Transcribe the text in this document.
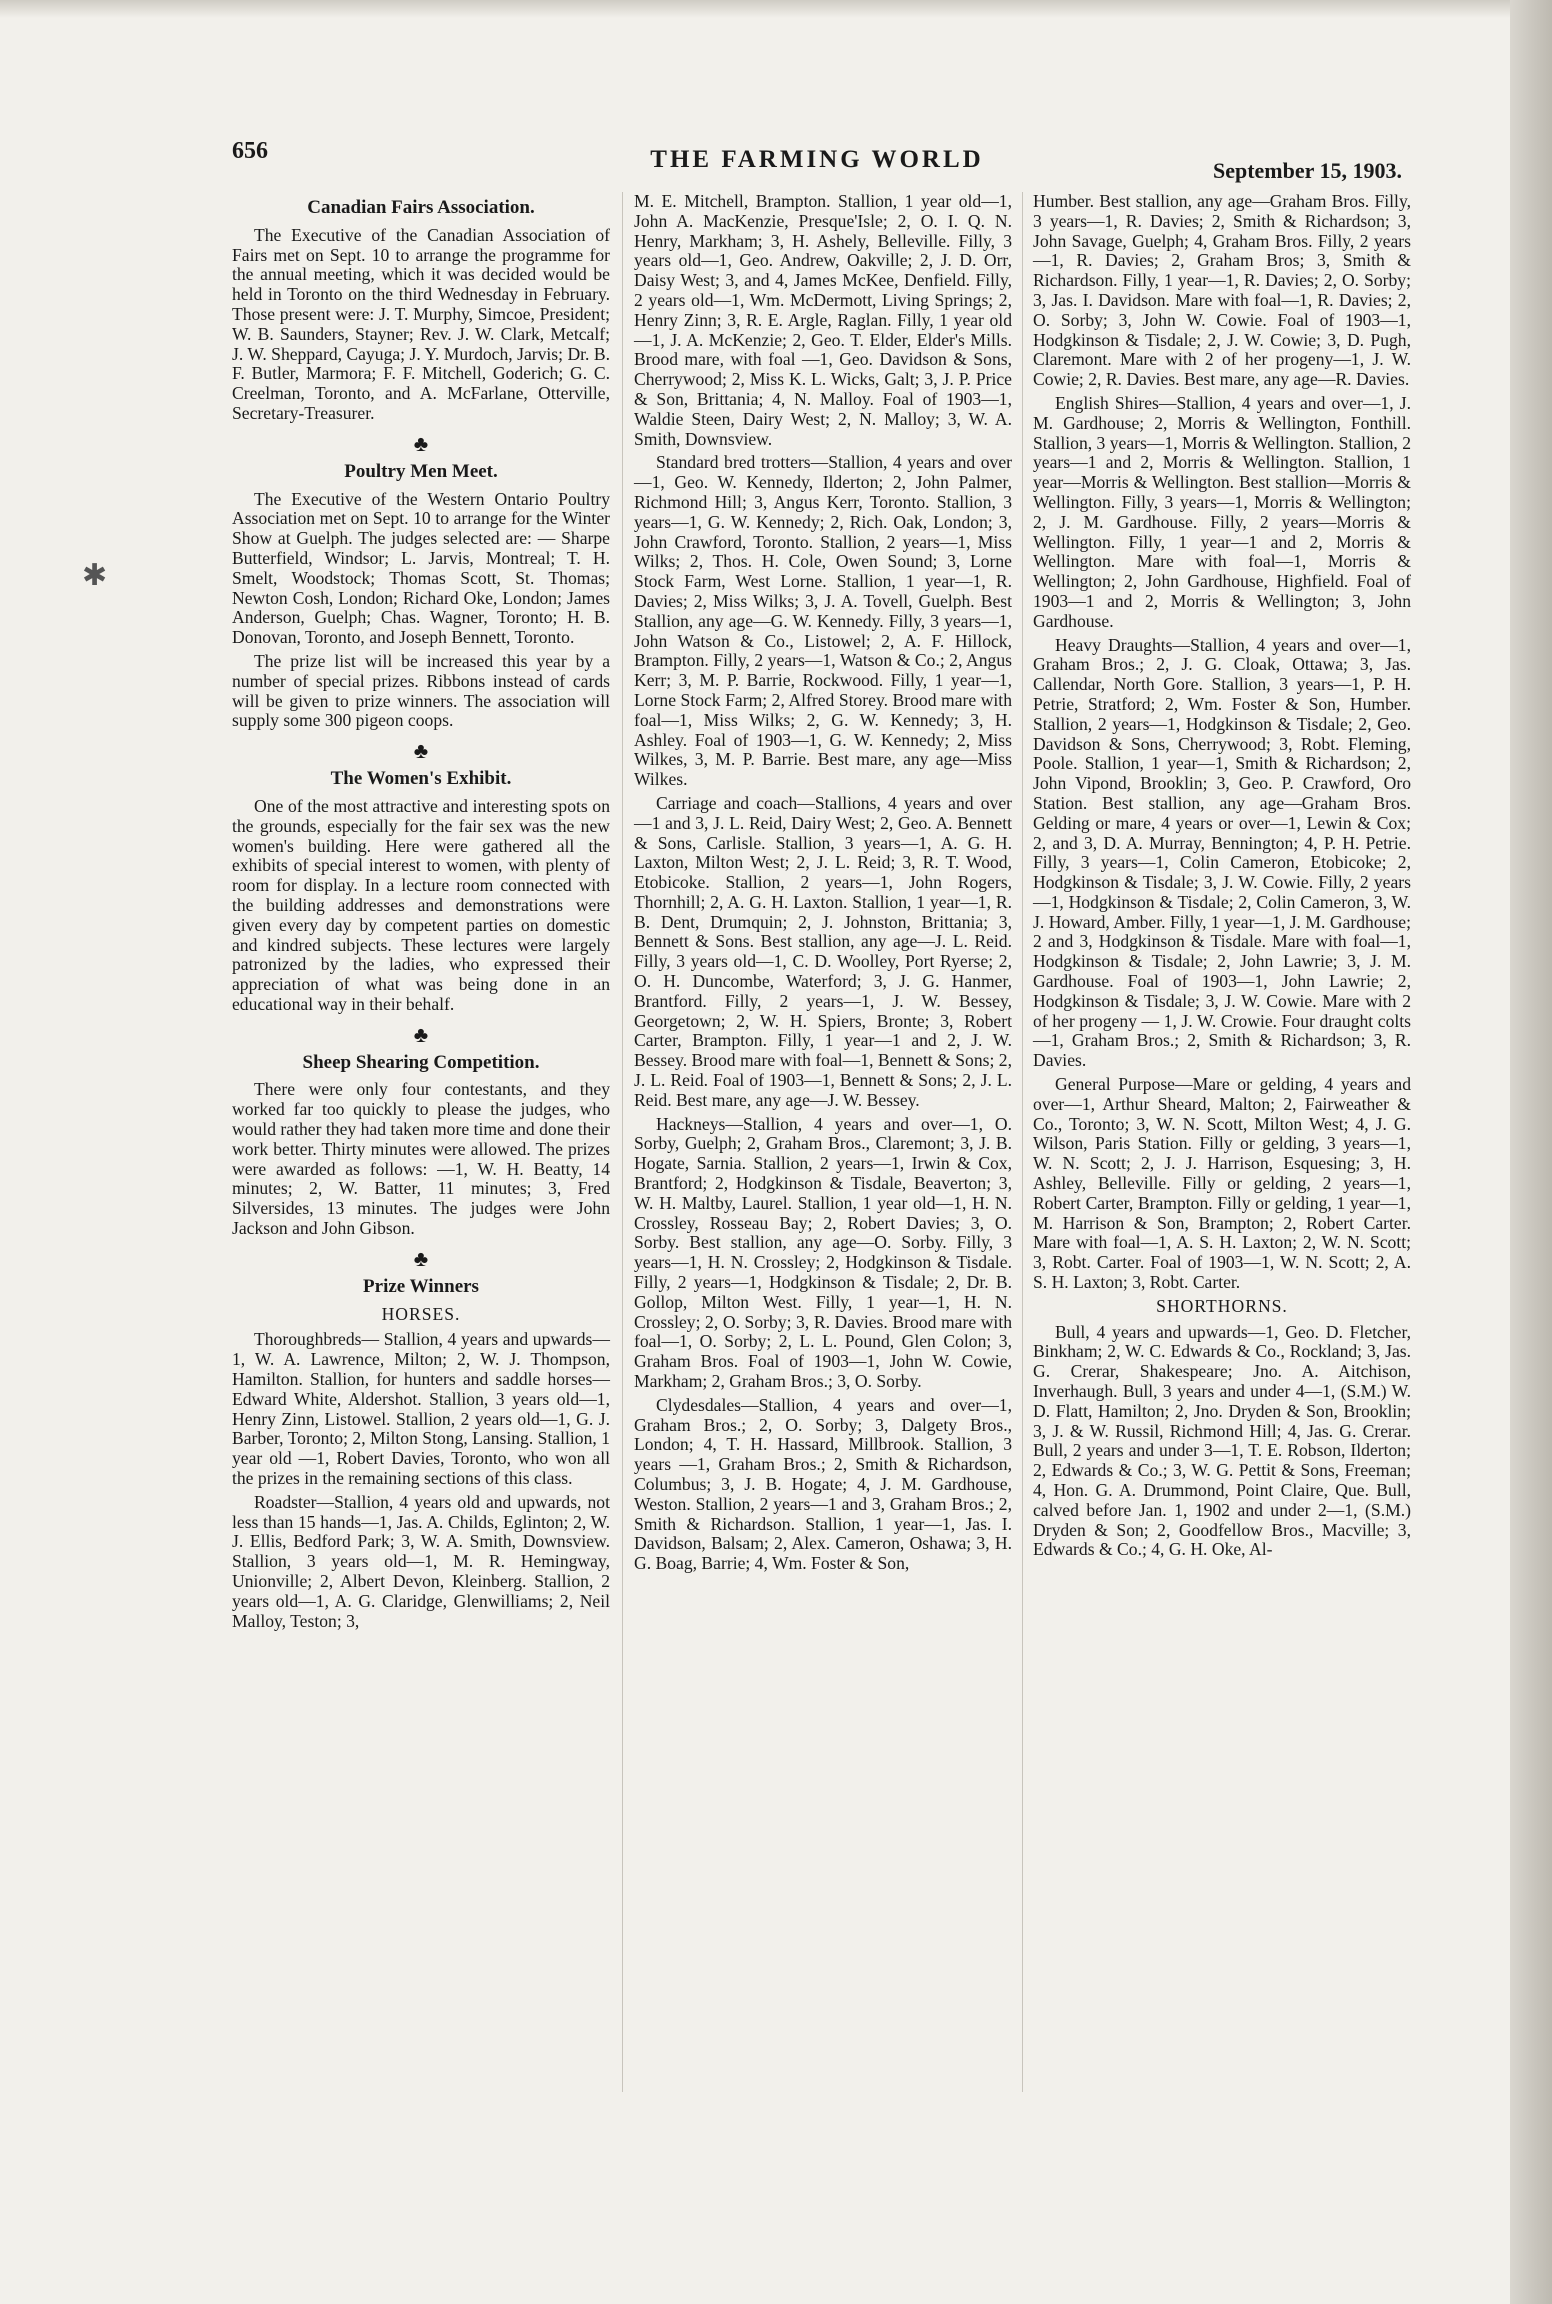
✱
656	THE FARMING WORLD	September 15, 1903.
Canadian Fairs Association.

The Executive of the Canadian Association of Fairs met on Sept. 10 to arrange the programme for the annual meeting, which it was decided would be held in Toronto on the third Wednesday in February. Those present were: J. T. Murphy, Simcoe, President; W. B. Saunders, Stayner; Rev. J. W. Clark, Metcalf; J. W. Sheppard, Cayuga; J. Y. Murdoch, Jarvis; Dr. B. F. Butler, Marmora; F. F. Mitchell, Goderich; G. C. Creelman, Toronto, and A. McFarlane, Otterville, Secretary-Treasurer.

♣
Poultry Men Meet.

The Executive of the Western Ontario Poultry Association met on Sept. 10 to arrange for the Winter Show at Guelph. The judges selected are: — Sharpe Butterfield, Windsor; L. Jarvis, Montreal; T. H. Smelt, Woodstock; Thomas Scott, St. Thomas; Newton Cosh, London; Richard Oke, London; James Anderson, Guelph; Chas. Wagner, Toronto; H. B. Donovan, Toronto, and Joseph Bennett, Toronto.

The prize list will be increased this year by a number of special prizes. Ribbons instead of cards will be given to prize winners. The association will supply some 300 pigeon coops.

♣
The Women's Exhibit.

One of the most attractive and interesting spots on the grounds, especially for the fair sex was the new women's building. Here were gathered all the exhibits of special interest to women, with plenty of room for display. In a lecture room connected with the building addresses and demonstrations were given every day by competent parties on domestic and kindred subjects. These lectures were largely patronized by the ladies, who expressed their appreciation of what was being done in an educational way in their behalf.

♣
Sheep Shearing Competition.

There were only four contestants, and they worked far too quickly to please the judges, who would rather they had taken more time and done their work better. Thirty minutes were allowed. The prizes were awarded as follows: —1, W. H. Beatty, 14 minutes; 2, W. Batter, 11 minutes; 3, Fred Silversides, 13 minutes. The judges were John Jackson and John Gibson.

♣
Prize Winners
HORSES.

Thoroughbreds— Stallion, 4 years and upwards—1, W. A. Lawrence, Milton; 2, W. J. Thompson, Hamilton. Stallion, for hunters and saddle horses—Edward White, Aldershot. Stallion, 3 years old—1, Henry Zinn, Listowel. Stallion, 2 years old—1, G. J. Barber, Toronto; 2, Milton Stong, Lansing. Stallion, 1 year old —1, Robert Davies, Toronto, who won all the prizes in the remaining sections of this class.

Roadster—Stallion, 4 years old and upwards, not less than 15 hands—1, Jas. A. Childs, Eglinton; 2, W. J. Ellis, Bedford Park; 3, W. A. Smith, Downsview. Stallion, 3 years old—1, M. R. Hemingway, Unionville; 2, Albert Devon, Kleinberg. Stallion, 2 years old—1, A. G. Claridge, Glenwilliams; 2, Neil Malloy, Teston; 3,

M. E. Mitchell, Brampton. Stallion, 1 year old—1, John A. MacKenzie, Presque'Isle; 2, O. I. Q. N. Henry, Markham; 3, H. Ashely, Belleville. Filly, 3 years old—1, Geo. Andrew, Oakville; 2, J. D. Orr, Daisy West; 3, and 4, James McKee, Denfield. Filly, 2 years old—1, Wm. McDermott, Living Springs; 2, Henry Zinn; 3, R. E. Argle, Raglan. Filly, 1 year old—1, J. A. McKenzie; 2, Geo. T. Elder, Elder's Mills. Brood mare, with foal —1, Geo. Davidson & Sons, Cherrywood; 2, Miss K. L. Wicks, Galt; 3, J. P. Price & Son, Brittania; 4, N. Malloy. Foal of 1903—1, Waldie Steen, Dairy West; 2, N. Malloy; 3, W. A. Smith, Downsview.

Standard bred trotters—Stallion, 4 years and over—1, Geo. W. Kennedy, Ilderton; 2, John Palmer, Richmond Hill; 3, Angus Kerr, Toronto. Stallion, 3 years—1, G. W. Kennedy; 2, Rich. Oak, London; 3, John Crawford, Toronto. Stallion, 2 years—1, Miss Wilks; 2, Thos. H. Cole, Owen Sound; 3, Lorne Stock Farm, West Lorne. Stallion, 1 year—1, R. Davies; 2, Miss Wilks; 3, J. A. Tovell, Guelph. Best Stallion, any age—G. W. Kennedy. Filly, 3 years—1, John Watson & Co., Listowel; 2, A. F. Hillock, Brampton. Filly, 2 years—1, Watson & Co.; 2, Angus Kerr; 3, M. P. Barrie, Rockwood. Filly, 1 year—1, Lorne Stock Farm; 2, Alfred Storey. Brood mare with foal—1, Miss Wilks; 2, G. W. Kennedy; 3, H. Ashley. Foal of 1903—1, G. W. Kennedy; 2, Miss Wilkes, 3, M. P. Barrie. Best mare, any age—Miss Wilkes.

Carriage and coach—Stallions, 4 years and over—1 and 3, J. L. Reid, Dairy West; 2, Geo. A. Bennett & Sons, Carlisle. Stallion, 3 years—1, A. G. H. Laxton, Milton West; 2, J. L. Reid; 3, R. T. Wood, Etobicoke. Stallion, 2 years—1, John Rogers, Thornhill; 2, A. G. H. Laxton. Stallion, 1 year—1, R. B. Dent, Drumquin; 2, J. Johnston, Brittania; 3, Bennett & Sons. Best stallion, any age—J. L. Reid. Filly, 3 years old—1, C. D. Woolley, Port Ryerse; 2, O. H. Duncombe, Waterford; 3, J. G. Hanmer, Brantford. Filly, 2 years—1, J. W. Bessey, Georgetown; 2, W. H. Spiers, Bronte; 3, Robert Carter, Brampton. Filly, 1 year—1 and 2, J. W. Bessey. Brood mare with foal—1, Bennett & Sons; 2, J. L. Reid. Foal of 1903—1, Bennett & Sons; 2, J. L. Reid. Best mare, any age—J. W. Bessey.

Hackneys—Stallion, 4 years and over—1, O. Sorby, Guelph; 2, Graham Bros., Claremont; 3, J. B. Hogate, Sarnia. Stallion, 2 years—1, Irwin & Cox, Brantford; 2, Hodgkinson & Tisdale, Beaverton; 3, W. H. Maltby, Laurel. Stallion, 1 year old—1, H. N. Crossley, Rosseau Bay; 2, Robert Davies; 3, O. Sorby. Best stallion, any age—O. Sorby. Filly, 3 years—1, H. N. Crossley; 2, Hodgkinson & Tisdale. Filly, 2 years—1, Hodgkinson & Tisdale; 2, Dr. B. Gollop, Milton West. Filly, 1 year—1, H. N. Crossley; 2, O. Sorby; 3, R. Davies. Brood mare with foal—1, O. Sorby; 2, L. L. Pound, Glen Colon; 3, Graham Bros. Foal of 1903—1, John W. Cowie, Markham; 2, Graham Bros.; 3, O. Sorby.

Clydesdales—Stallion, 4 years and over—1, Graham Bros.; 2, O. Sorby; 3, Dalgety Bros., London; 4, T. H. Hassard, Millbrook. Stallion, 3 years —1, Graham Bros.; 2, Smith & Richardson, Columbus; 3, J. B. Hogate; 4, J. M. Gardhouse, Weston. Stallion, 2 years—1 and 3, Graham Bros.; 2, Smith & Richardson. Stallion, 1 year—1, Jas. I. Davidson, Balsam; 2, Alex. Cameron, Oshawa; 3, H. G. Boag, Barrie; 4, Wm. Foster & Son,

Humber. Best stallion, any age—Graham Bros. Filly, 3 years—1, R. Davies; 2, Smith & Richardson; 3, John Savage, Guelph; 4, Graham Bros. Filly, 2 years—1, R. Davies; 2, Graham Bros; 3, Smith & Richardson. Filly, 1 year—1, R. Davies; 2, O. Sorby; 3, Jas. I. Davidson. Mare with foal—1, R. Davies; 2, O. Sorby; 3, John W. Cowie. Foal of 1903—1, Hodgkinson & Tisdale; 2, J. W. Cowie; 3, D. Pugh, Claremont. Mare with 2 of her progeny—1, J. W. Cowie; 2, R. Davies. Best mare, any age—R. Davies.

English Shires—Stallion, 4 years and over—1, J. M. Gardhouse; 2, Morris & Wellington, Fonthill. Stallion, 3 years—1, Morris & Wellington. Stallion, 2 years—1 and 2, Morris & Wellington. Stallion, 1 year—Morris & Wellington. Best stallion—Morris & Wellington. Filly, 3 years—1, Morris & Wellington; 2, J. M. Gardhouse. Filly, 2 years—Morris & Wellington. Filly, 1 year—1 and 2, Morris & Wellington. Mare with foal—1, Morris & Wellington; 2, John Gardhouse, Highfield. Foal of 1903—1 and 2, Morris & Wellington; 3, John Gardhouse.

Heavy Draughts—Stallion, 4 years and over—1, Graham Bros.; 2, J. G. Cloak, Ottawa; 3, Jas. Callendar, North Gore. Stallion, 3 years—1, P. H. Petrie, Stratford; 2, Wm. Foster & Son, Humber. Stallion, 2 years—1, Hodgkinson & Tisdale; 2, Geo. Davidson & Sons, Cherrywood; 3, Robt. Fleming, Poole. Stallion, 1 year—1, Smith & Richardson; 2, John Vipond, Brooklin; 3, Geo. P. Crawford, Oro Station. Best stallion, any age—Graham Bros. Gelding or mare, 4 years or over—1, Lewin & Cox; 2, and 3, D. A. Murray, Bennington; 4, P. H. Petrie. Filly, 3 years—1, Colin Cameron, Etobicoke; 2, Hodgkinson & Tisdale; 3, J. W. Cowie. Filly, 2 years—1, Hodgkinson & Tisdale; 2, Colin Cameron, 3, W. J. Howard, Amber. Filly, 1 year—1, J. M. Gardhouse; 2 and 3, Hodgkinson & Tisdale. Mare with foal—1, Hodgkinson & Tisdale; 2, John Lawrie; 3, J. M. Gardhouse. Foal of 1903—1, John Lawrie; 2, Hodgkinson & Tisdale; 3, J. W. Cowie. Mare with 2 of her progeny — 1, J. W. Crowie. Four draught colts—1, Graham Bros.; 2, Smith & Richardson; 3, R. Davies.

General Purpose—Mare or gelding, 4 years and over—1, Arthur Sheard, Malton; 2, Fairweather & Co., Toronto; 3, W. N. Scott, Milton West; 4, J. G. Wilson, Paris Station. Filly or gelding, 3 years—1, W. N. Scott; 2, J. J. Harrison, Esquesing; 3, H. Ashley, Belleville. Filly or gelding, 2 years—1, Robert Carter, Brampton. Filly or gelding, 1 year—1, M. Harrison & Son, Brampton; 2, Robert Carter. Mare with foal—1, A. S. H. Laxton; 2, W. N. Scott; 3, Robt. Carter. Foal of 1903—1, W. N. Scott; 2, A. S. H. Laxton; 3, Robt. Carter.

SHORTHORNS.

Bull, 4 years and upwards—1, Geo. D. Fletcher, Binkham; 2, W. C. Edwards & Co., Rockland; 3, Jas. G. Crerar, Shakespeare; Jno. A. Aitchison, Inverhaugh. Bull, 3 years and under 4—1, (S.M.) W. D. Flatt, Hamilton; 2, Jno. Dryden & Son, Brooklin; 3, J. & W. Russil, Richmond Hill; 4, Jas. G. Crerar. Bull, 2 years and under 3—1, T. E. Robson, Ilderton; 2, Edwards & Co.; 3, W. G. Pettit & Sons, Freeman; 4, Hon. G. A. Drummond, Point Claire, Que. Bull, calved before Jan. 1, 1902 and under 2—1, (S.M.) Dryden & Son; 2, Goodfellow Bros., Macville; 3, Edwards & Co.; 4, G. H. Oke, Al-
